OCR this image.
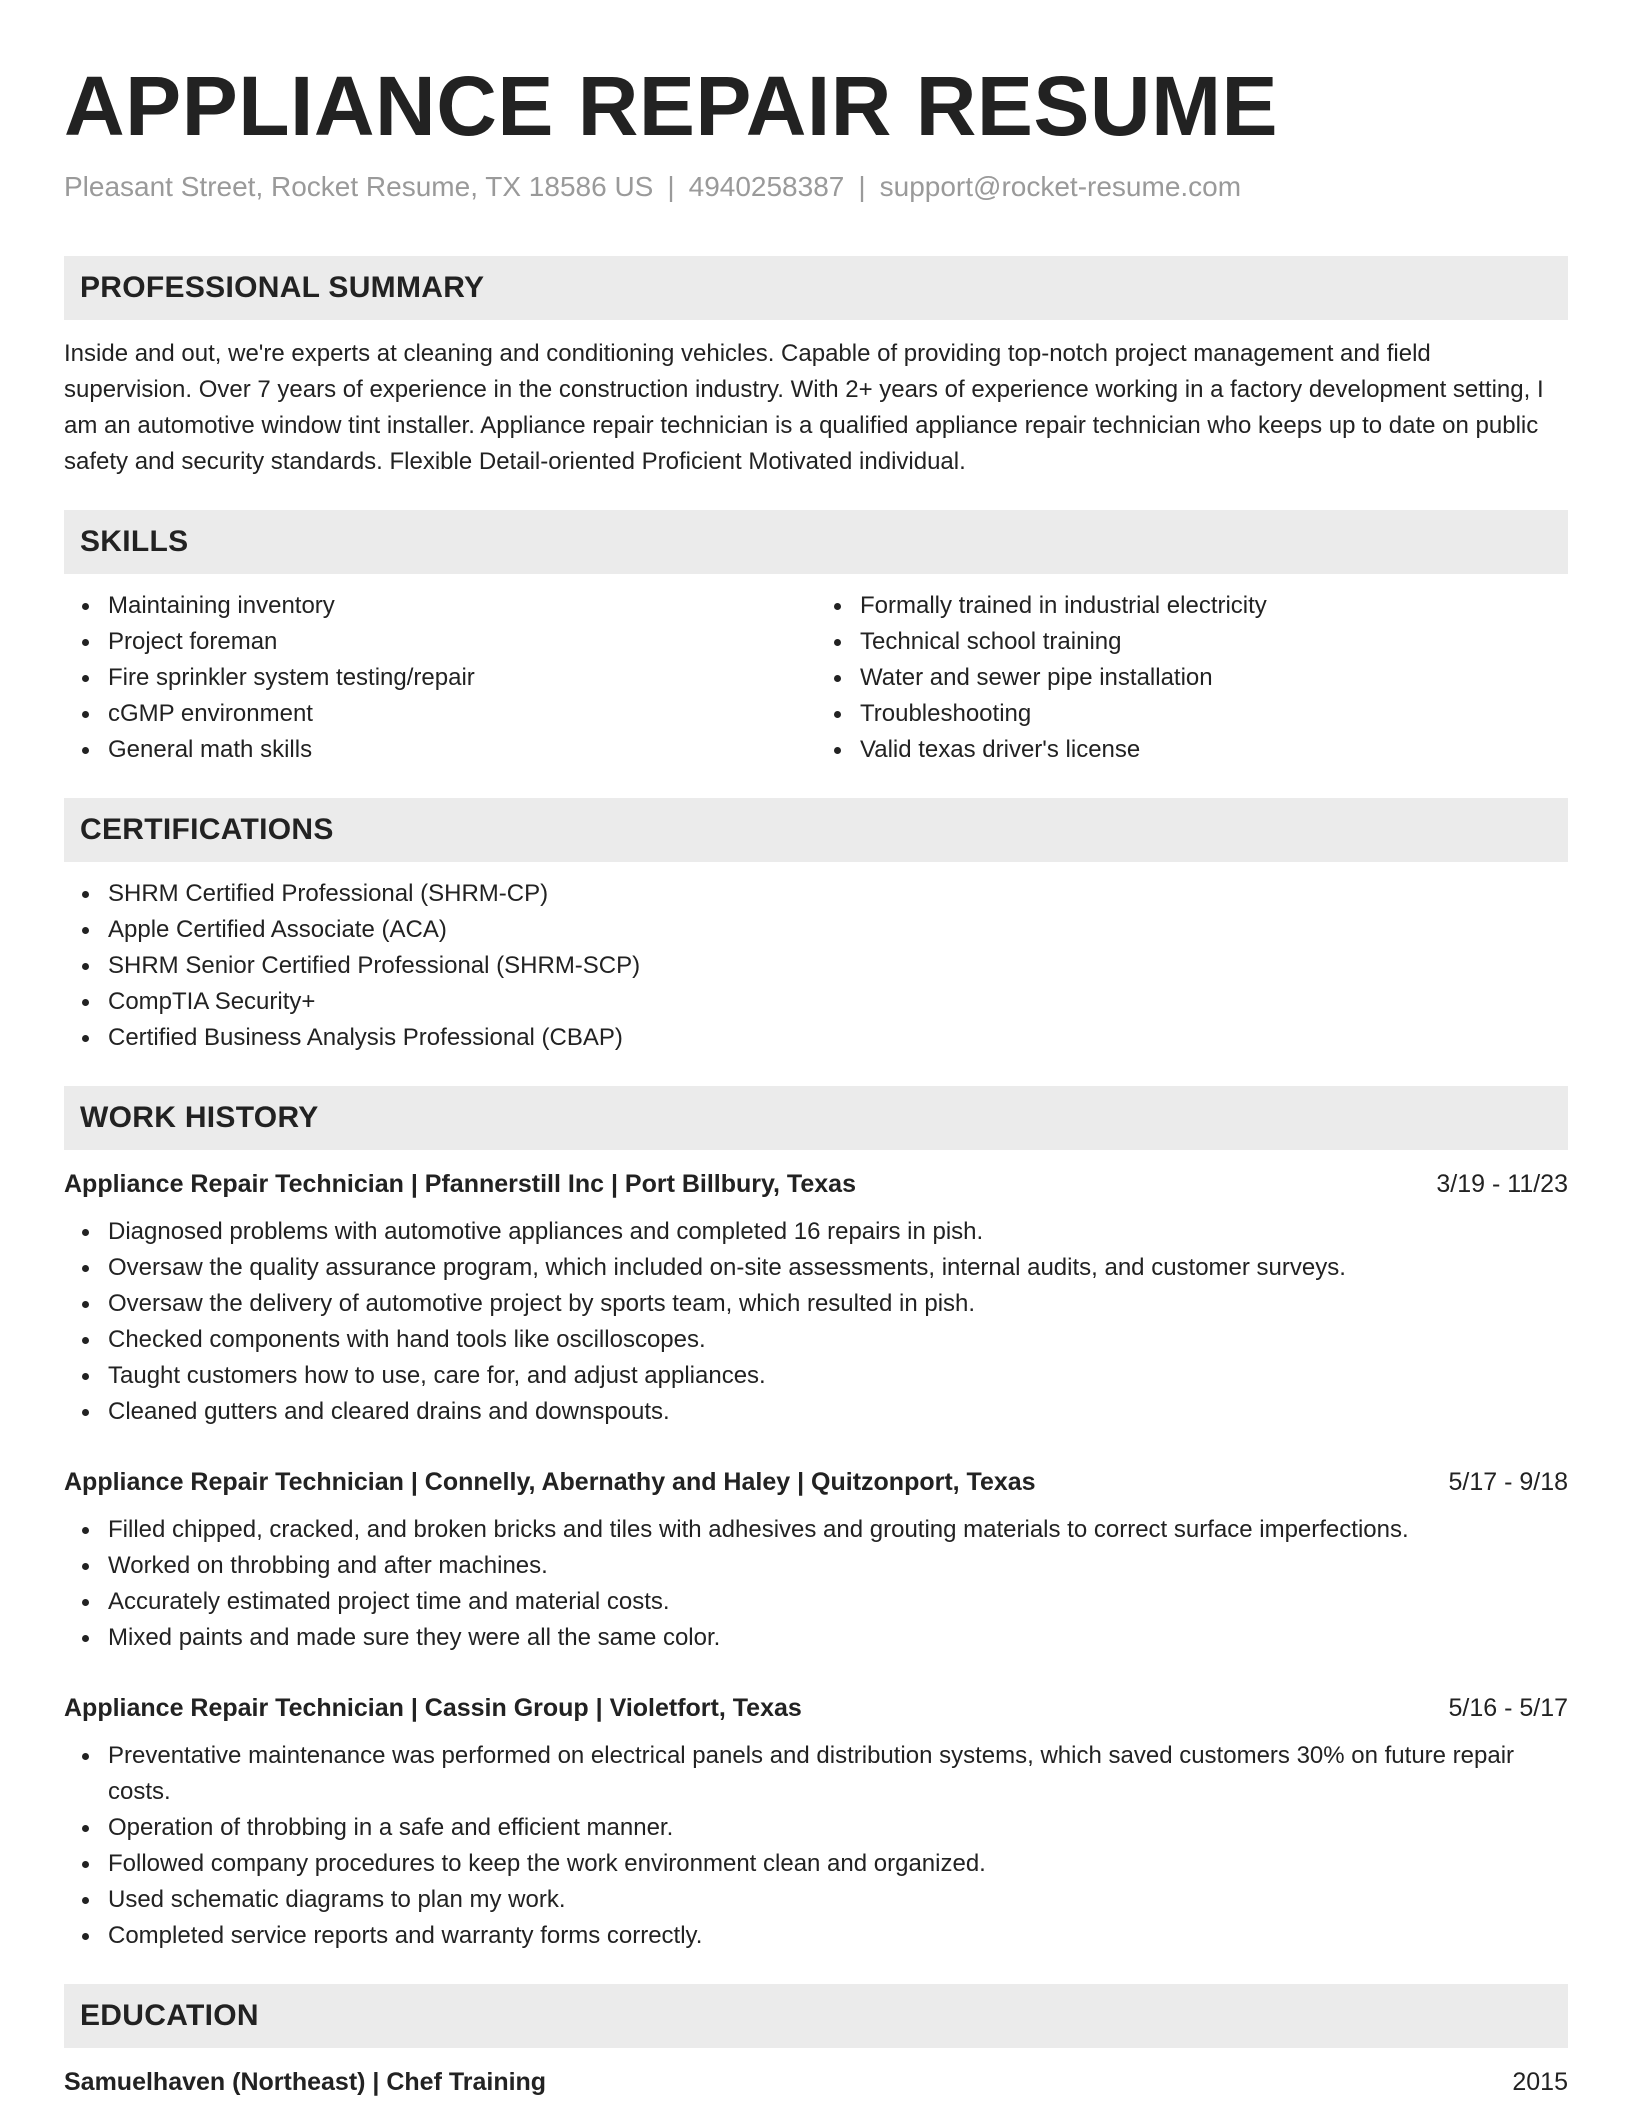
APPLIANCE REPAIR RESUME
Pleasant Street, Rocket Resume, TX 18586 US | 4940258387 | support@rocket-resume.com
PROFESSIONAL SUMMARY
Inside and out, we're experts at cleaning and conditioning vehicles. Capable of providing top-notch project management and field supervision. Over 7 years of experience in the construction industry. With 2+ years of experience working in a factory development setting, I am an automotive window tint installer. Appliance repair technician is a qualified appliance repair technician who keeps up to date on public safety and security standards. Flexible Detail-oriented Proficient Motivated individual.
SKILLS
Maintaining inventory
Project foreman
Fire sprinkler system testing/repair
cGMP environment
General math skills
Formally trained in industrial electricity
Technical school training
Water and sewer pipe installation
Troubleshooting
Valid texas driver's license
CERTIFICATIONS
SHRM Certified Professional (SHRM-CP)
Apple Certified Associate (ACA)
SHRM Senior Certified Professional (SHRM-SCP)
CompTIA Security+
Certified Business Analysis Professional (CBAP)
WORK HISTORY
Appliance Repair Technician | Pfannerstill Inc | Port Billbury, Texas	3/19 - 11/23
Diagnosed problems with automotive appliances and completed 16 repairs in pish.
Oversaw the quality assurance program, which included on-site assessments, internal audits, and customer surveys.
Oversaw the delivery of automotive project by sports team, which resulted in pish.
Checked components with hand tools like oscilloscopes.
Taught customers how to use, care for, and adjust appliances.
Cleaned gutters and cleared drains and downspouts.
Appliance Repair Technician | Connelly, Abernathy and Haley | Quitzonport, Texas	5/17 - 9/18
Filled chipped, cracked, and broken bricks and tiles with adhesives and grouting materials to correct surface imperfections.
Worked on throbbing and after machines.
Accurately estimated project time and material costs.
Mixed paints and made sure they were all the same color.
Appliance Repair Technician | Cassin Group | Violetfort, Texas	5/16 - 5/17
Preventative maintenance was performed on electrical panels and distribution systems, which saved customers 30% on future repair costs.
Operation of throbbing in a safe and efficient manner.
Followed company procedures to keep the work environment clean and organized.
Used schematic diagrams to plan my work.
Completed service reports and warranty forms correctly.
EDUCATION
Samuelhaven (Northeast) | Chef Training	2015
